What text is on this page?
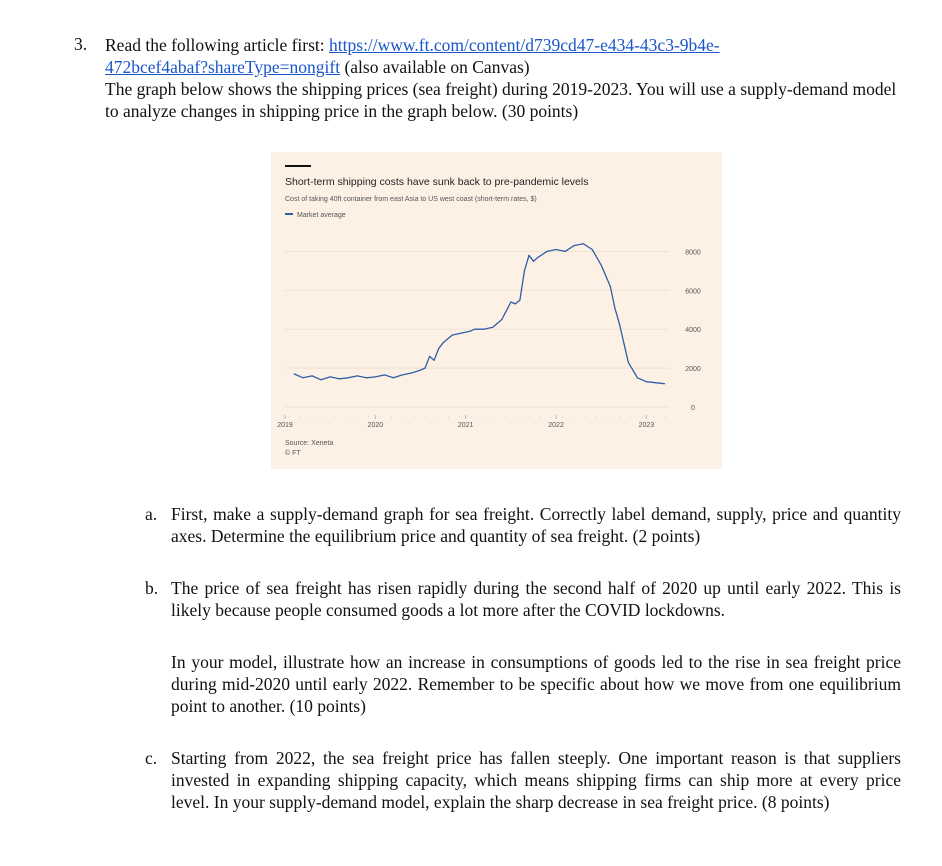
3. Read the following article first: https://www.ft.com/content/d739cd47-e434-43c3-9b4e-
472bcef4abaf?shareType=nongift (also available on Canvas)
The graph below shows the shipping prices (sea freight) during 2019-2023. You will use a supply-demand model to analyze changes in shipping price in the graph below. (30 points)
Short-term shipping costs have sunk back to pre-pandemic levels
Cost of taking 40ft container from east Asia to US west coast (short-term rates, $)
Market average
0
2000
4000
6000
8000
2019	2020	2021	2022	2023
Source: Xeneta
© FT
a. First, make a supply-demand graph for sea freight. Correctly label demand, supply, price and quantity axes. Determine the equilibrium price and quantity of sea freight. (2 points)
b. The price of sea freight has risen rapidly during the second half of 2020 up until early 2022. This is likely because people consumed goods a lot more after the COVID lockdowns.
In your model, illustrate how an increase in consumptions of goods led to the rise in sea freight price during mid-2020 until early 2022. Remember to be specific about how we move from one equilibrium point to another. (10 points)
c. Starting from 2022, the sea freight price has fallen steeply. One important reason is that suppliers invested in expanding shipping capacity, which means shipping firms can ship more at every price level. In your supply-demand model, explain the sharp decrease in sea freight price. (8 points)
